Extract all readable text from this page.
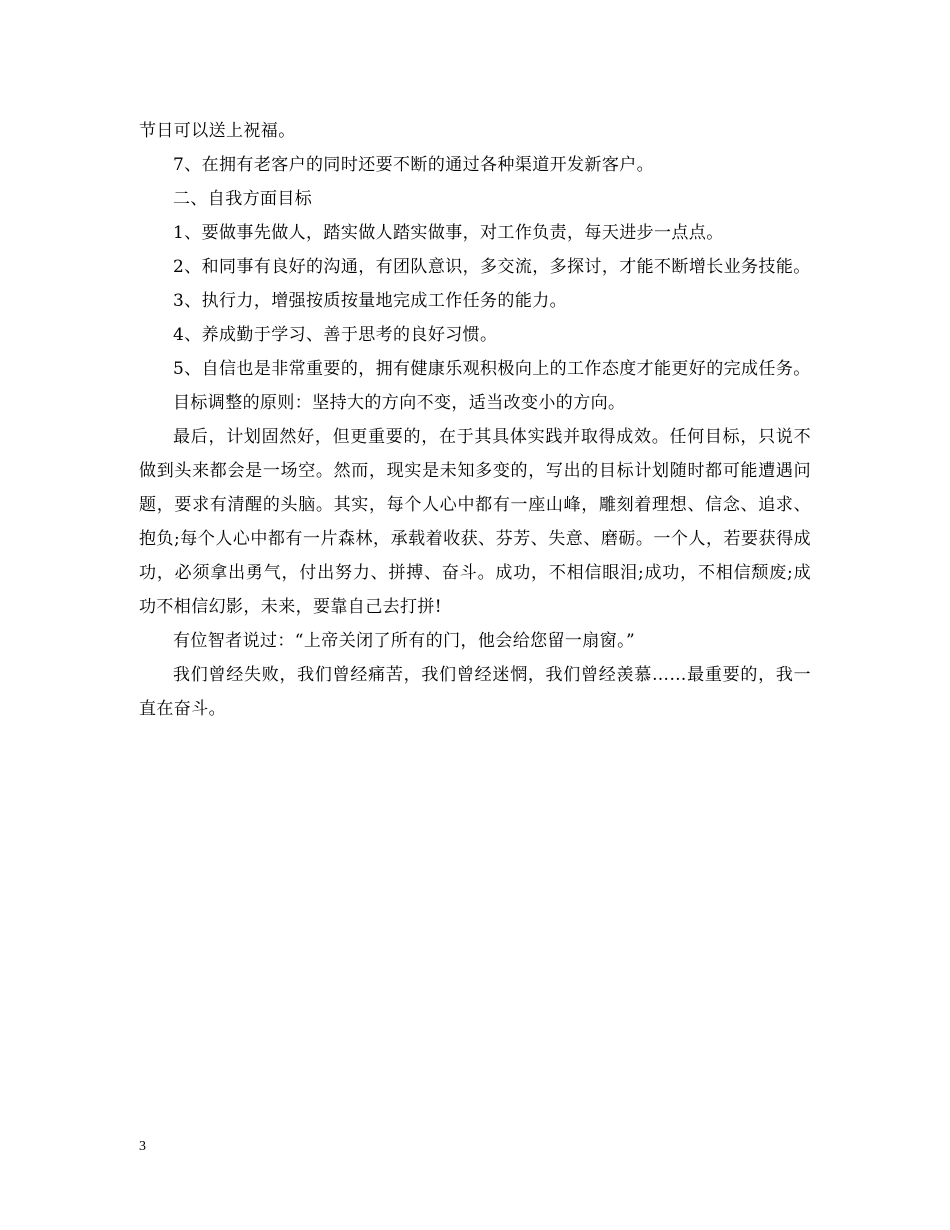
节日可以送上祝福。

7、在拥有老客户的同时还要不断的通过各种渠道开发新客户。

二、自我方面目标

1、要做事先做人，踏实做人踏实做事，对工作负责，每天进步一点点。

2、和同事有良好的沟通，有团队意识，多交流，多探讨，才能不断增长业务技能。

3、执行力，增强按质按量地完成工作任务的能力。

4、养成勤于学习、善于思考的良好习惯。

5、自信也是非常重要的，拥有健康乐观积极向上的工作态度才能更好的完成任务。

目标调整的原则：坚持大的方向不变，适当改变小的方向。

最后，计划固然好，但更重要的，在于其具体实践并取得成效。任何目标，只说不做到头来都会是一场空。然而，现实是未知多变的，写出的目标计划随时都可能遭遇问题，要求有清醒的头脑。其实，每个人心中都有一座山峰，雕刻着理想、信念、追求、抱负;每个人心中都有一片森林，承载着收获、芬芳、失意、磨砺。一个人，若要获得成功，必须拿出勇气，付出努力、拼搏、奋斗。成功，不相信眼泪;成功，不相信颓废;成功不相信幻影，未来，要靠自己去打拼!

有位智者说过：“上帝关闭了所有的门，他会给您留一扇窗。”

我们曾经失败，我们曾经痛苦，我们曾经迷惘，我们曾经羡慕……最重要的，我一直在奋斗。

3
